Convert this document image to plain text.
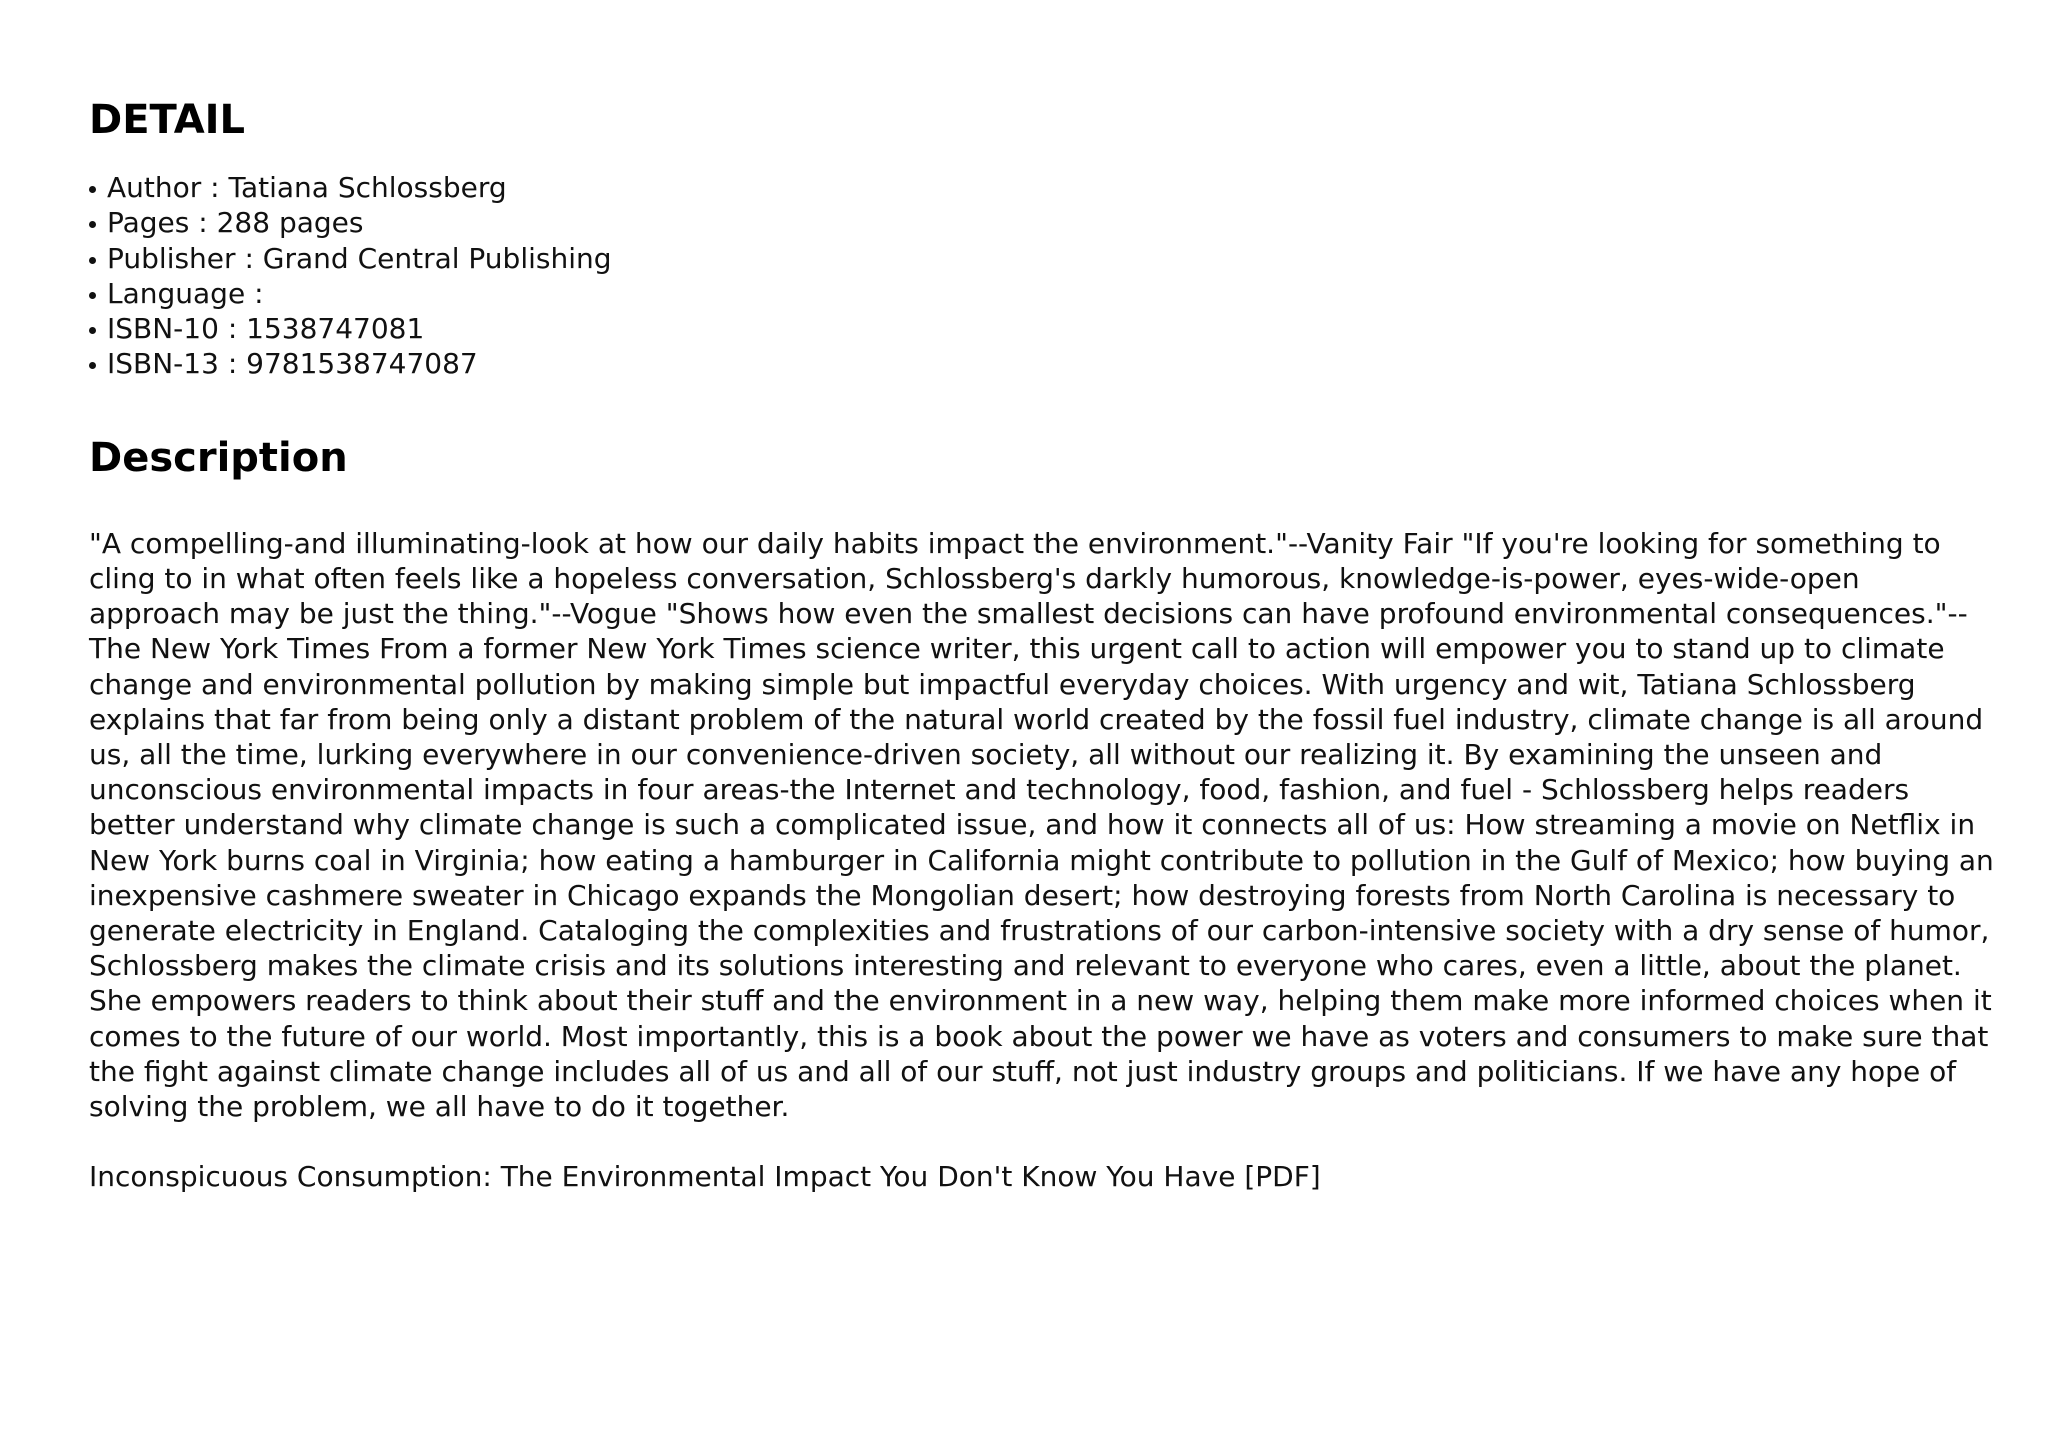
DETAIL
Author : Tatiana Schlossberg
Pages : 288 pages
Publisher : Grand Central Publishing
Language :
ISBN-10 : 1538747081
ISBN-13 : 9781538747087
Description

"A compelling-and illuminating-look at how our daily habits impact the environment."--Vanity Fair "If you're looking for something to cling to in what often feels like a hopeless conversation, Schlossberg's darkly humorous, knowledge-is-power, eyes-wide-open approach may be just the thing."--Vogue "Shows how even the smallest decisions can have profound environmental consequences."--The New York Times From a former New York Times science writer, this urgent call to action will empower you to stand up to climate change and environmental pollution by making simple but impactful everyday choices. With urgency and wit, Tatiana Schlossberg explains that far from being only a distant problem of the natural world created by the fossil fuel industry, climate change is all around us, all the time, lurking everywhere in our convenience-driven society, all without our realizing it. By examining the unseen and unconscious environmental impacts in four areas-the Internet and technology, food, fashion, and fuel - Schlossberg helps readers better understand why climate change is such a complicated issue, and how it connects all of us: How streaming a movie on Netflix in New York burns coal in Virginia; how eating a hamburger in California might contribute to pollution in the Gulf of Mexico; how buying an inexpensive cashmere sweater in Chicago expands the Mongolian desert; how destroying forests from North Carolina is necessary to generate electricity in England. Cataloging the complexities and frustrations of our carbon-intensive society with a dry sense of humor, Schlossberg makes the climate crisis and its solutions interesting and relevant to everyone who cares, even a little, about the planet. She empowers readers to think about their stuff and the environment in a new way, helping them make more informed choices when it comes to the future of our world. Most importantly, this is a book about the power we have as voters and consumers to make sure that the fight against climate change includes all of us and all of our stuff, not just industry groups and politicians. If we have any hope of solving the problem, we all have to do it together.

Inconspicuous Consumption: The Environmental Impact You Don't Know You Have [PDF]
